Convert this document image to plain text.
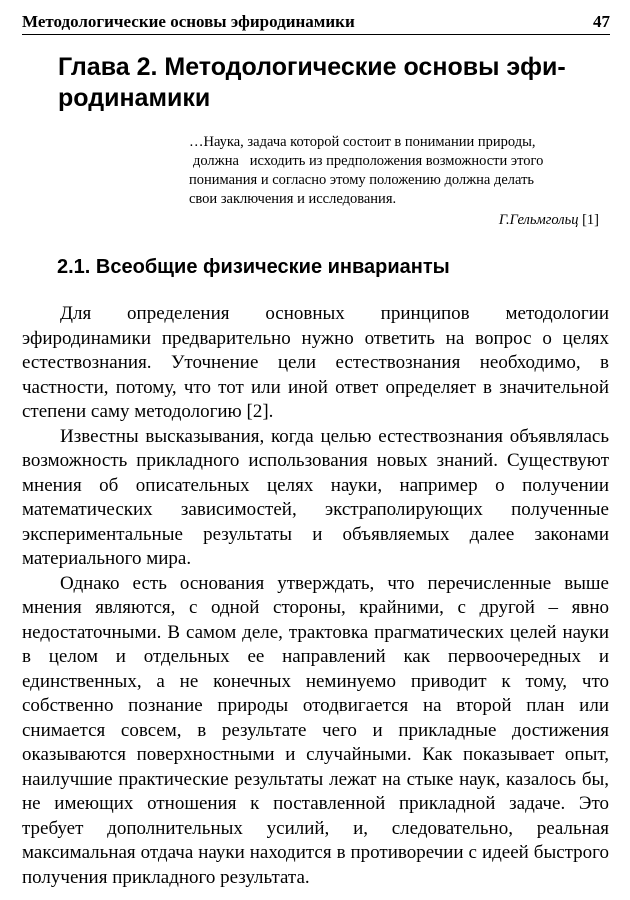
Методологические основы эфиродинамики	47
Глава 2. Методологические основы эфи-
родинамики
…Наука, задача которой состоит в понимании природы,
должна   исходить из предположения возможности этого
понимания и согласно этому положению должна делать
свои заключения и исследования.
Г.Гельмгольц [1]
2.1. Всеобщие физические инварианты

Для определения основных принципов методологии эфиродинамики предварительно нужно ответить на вопрос о целях естествознания. Уточнение цели естествознания необходимо, в частности, потому, что тот или иной ответ определяет в значительной степени саму методологию [2].

Известны высказывания, когда целью естествознания объявлялась возможность прикладного использования новых знаний. Существуют мнения об описательных целях науки, например о получении математических зависимостей, экстраполирующих полученные экспериментальные результаты и объявляемых далее законами материального мира.

Однако есть основания утверждать, что перечисленные выше мнения являются, с одной стороны, крайними, с другой – явно недостаточными. В самом деле, трактовка прагматических целей науки в целом и отдельных ее направлений как первоочередных и единственных, а не конечных неминуемо приводит к тому, что собственно познание природы отодвигается на второй план или снимается совсем, в результате чего и прикладные достижения оказываются поверхностными и случайными. Как показывает опыт, наилучшие практические результаты лежат на стыке наук, казалось бы, не имеющих отношения к поставленной прикладной задаче. Это требует дополнительных усилий, и, следовательно, реальная максимальная отдача науки находится в противоречии с идеей быстрого получения прикладного результата.
